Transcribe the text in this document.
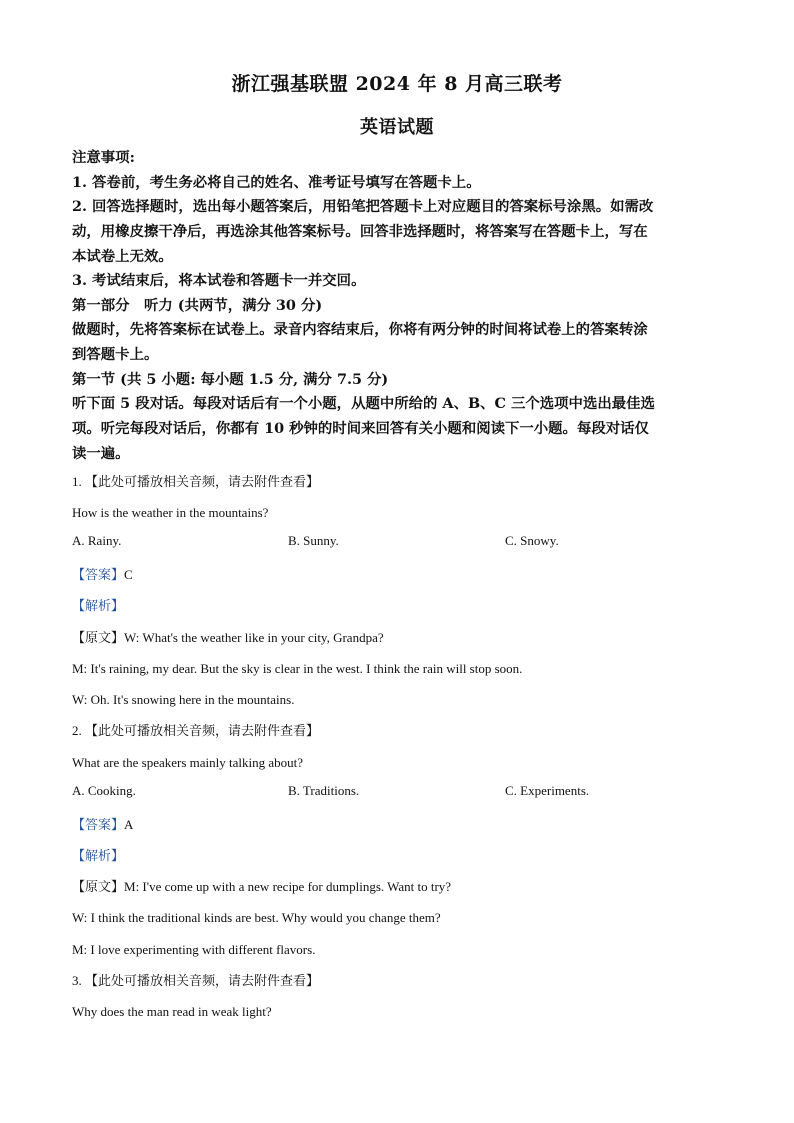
浙江强基联盟 2024 年 8 月高三联考
英语试题
注意事项:
1. 答卷前，考生务必将自己的姓名、准考证号填写在答题卡上。
2. 回答选择题时，选出每小题答案后，用铅笔把答题卡上对应题目的答案标号涂黑。如需改
动，用橡皮擦干净后，再选涂其他答案标号。回答非选择题时，将答案写在答题卡上，写在
本试卷上无效。
3. 考试结束后，将本试卷和答题卡一并交回。
第一部分　听力 (共两节，满分 30 分)
做题时，先将答案标在试卷上。录音内容结束后，你将有两分钟的时间将试卷上的答案转涂
到答题卡上。
第一节 (共 5 小题: 每小题 1.5 分, 满分 7.5 分)
听下面 5 段对话。每段对话后有一个小题，从题中所给的 A、B、C 三个选项中选出最佳选
项。听完每段对话后，你都有 10 秒钟的时间来回答有关小题和阅读下一小题。每段对话仅
读一遍。
1. 【此处可播放相关音频，请去附件查看】
How is the weather in the mountains?
A. Rainy.	B. Sunny.	C. Snowy.
【答案】C
【解析】
【原文】W: What's the weather like in your city, Grandpa?
M: It's raining, my dear. But the sky is clear in the west. I think the rain will stop soon.
W: Oh. It's snowing here in the mountains.
2. 【此处可播放相关音频，请去附件查看】
What are the speakers mainly talking about?
A. Cooking.	B. Traditions.	C. Experiments.
【答案】A
【解析】
【原文】M: I've come up with a new recipe for dumplings. Want to try?
W: I think the traditional kinds are best. Why would you change them?
M: I love experimenting with different flavors.
3. 【此处可播放相关音频，请去附件查看】
Why does the man read in weak light?
